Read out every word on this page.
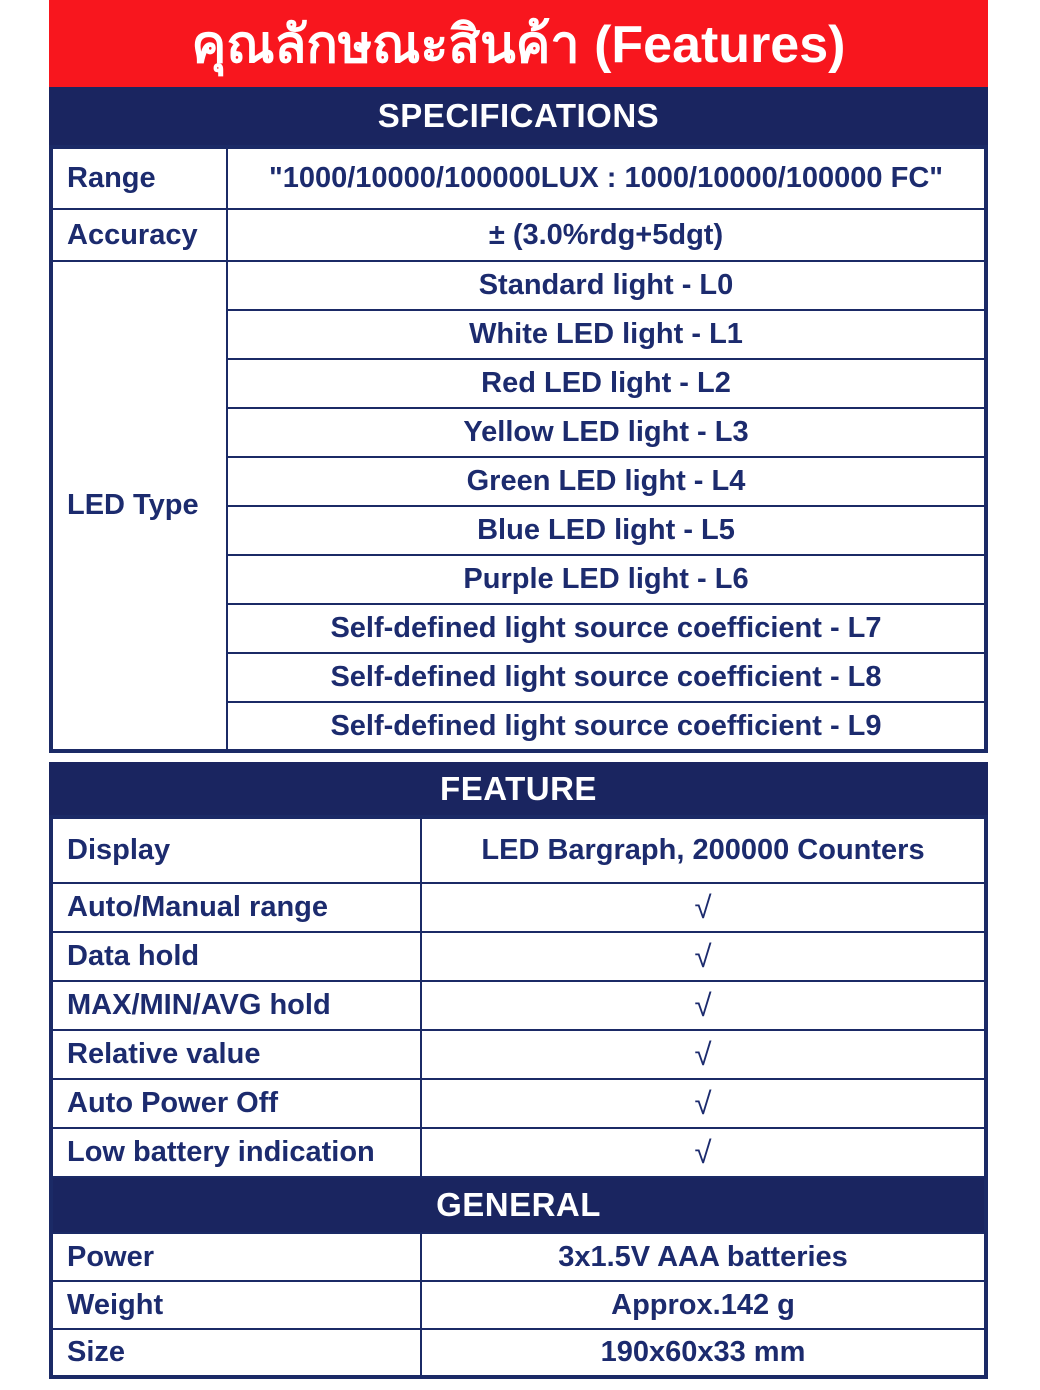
คุณลักษณะสินค้า (Features)
SPECIFICATIONS
Range	"1000/10000/100000LUX : 1000/10000/100000 FC"
Accuracy	± (3.0%rdg+5dgt)
LED Type	Standard light - L0
	White LED light - L1
	Red LED light - L2
	Yellow LED light - L3
	Green LED light - L4
	Blue LED light - L5
	Purple LED light - L6
	Self-defined light source coefficient - L7
	Self-defined light source coefficient - L8
	Self-defined light source coefficient - L9
FEATURE
Display	LED Bargraph, 200000 Counters
Auto/Manual range	√
Data hold	√
MAX/MIN/AVG hold	√
Relative value	√
Auto Power Off	√
Low battery indication	√
GENERAL	
Power	3x1.5V AAA batteries
Weight	Approx.142 g
Size	190x60x33 mm
